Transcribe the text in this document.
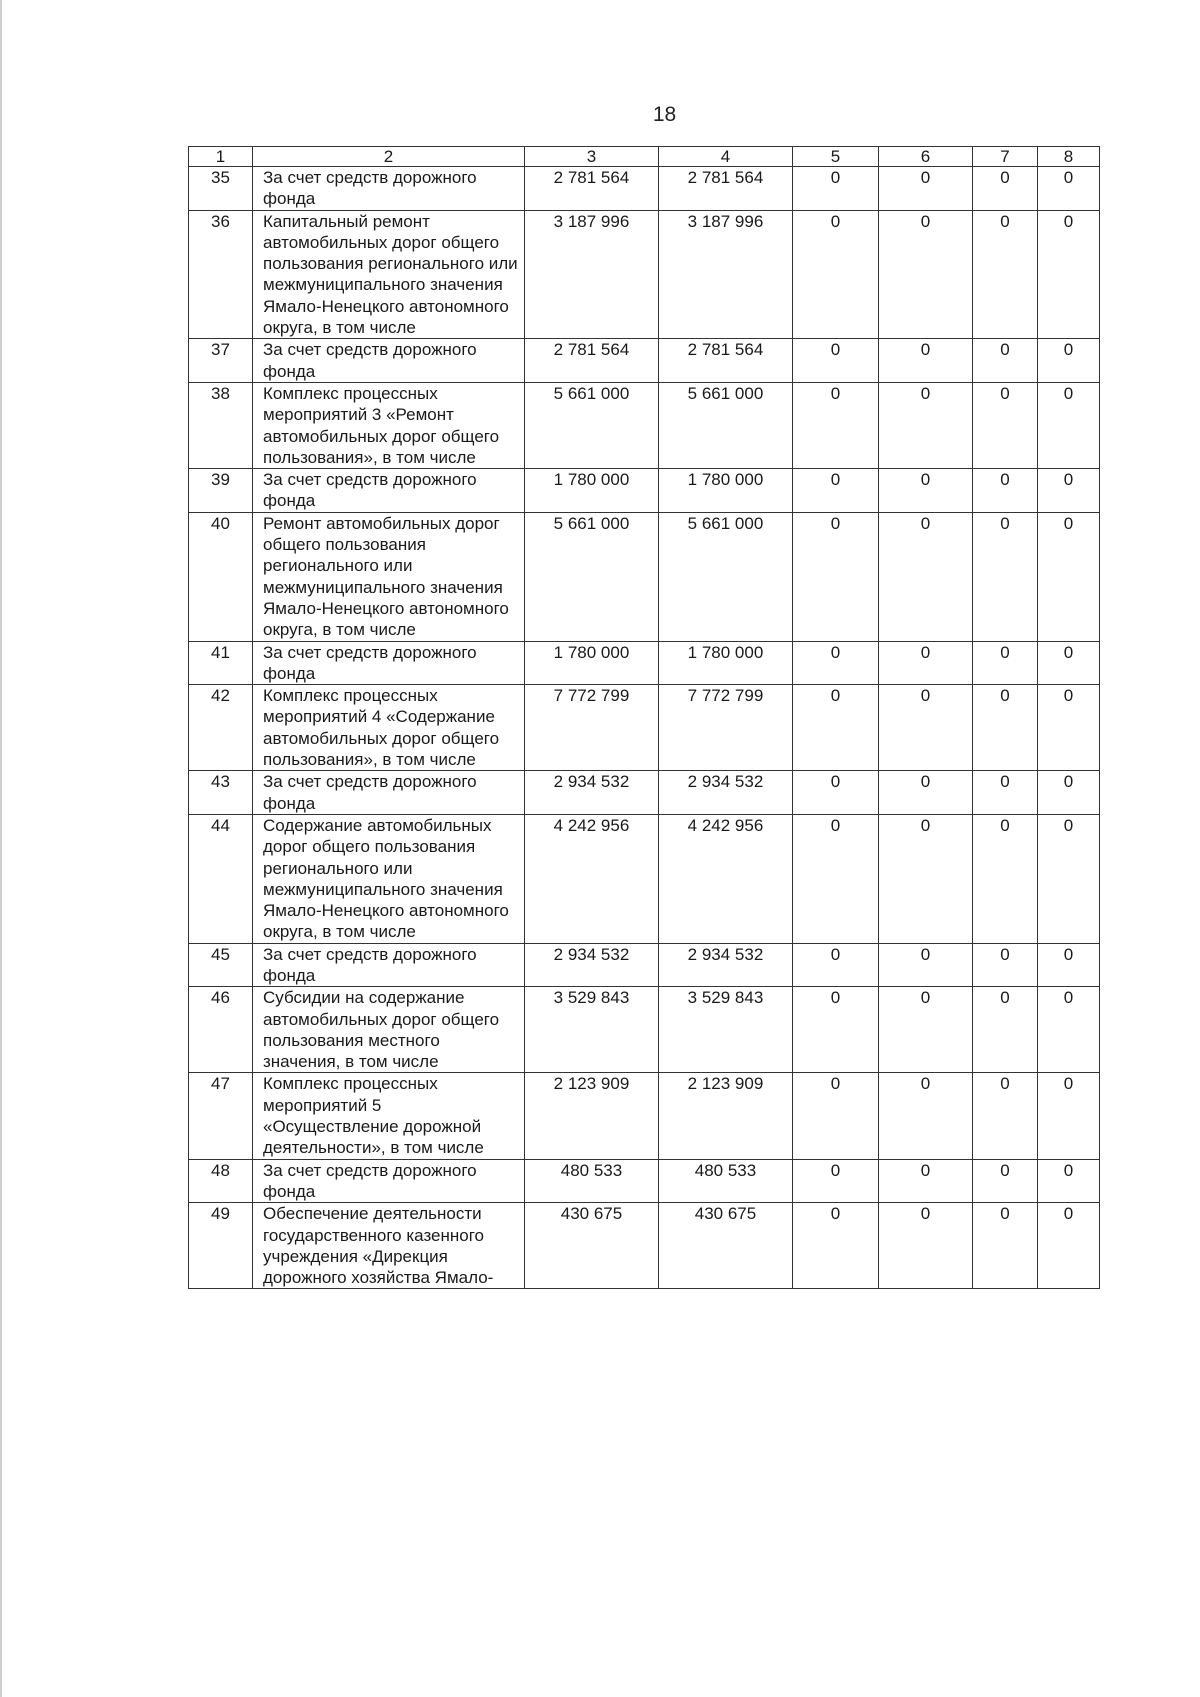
18
1	2	3	4	5	6	7	8
35	За счет средств дорожного фонда	2 781 564	2 781 564	0	0	0	0
36	Капитальный ремонт автомобильных дорог общего пользования регионального или межмуниципального значения Ямало-Ненецкого автономного округа, в том числе	3 187 996	3 187 996	0	0	0	0
37	За счет средств дорожного фонда	2 781 564	2 781 564	0	0	0	0
38	Комплекс процессных мероприятий 3 «Ремонт автомобильных дорог общего пользования», в том числе	5 661 000	5 661 000	0	0	0	0
39	За счет средств дорожного фонда	1 780 000	1 780 000	0	0	0	0
40	Ремонт автомобильных дорог общего пользования регионального или межмуниципального значения Ямало-Ненецкого автономного округа, в том числе	5 661 000	5 661 000	0	0	0	0
41	За счет средств дорожного фонда	1 780 000	1 780 000	0	0	0	0
42	Комплекс процессных мероприятий 4 «Содержание автомобильных дорог общего пользования», в том числе	7 772 799	7 772 799	0	0	0	0
43	За счет средств дорожного фонда	2 934 532	2 934 532	0	0	0	0
44	Содержание автомобильных дорог общего пользования регионального или межмуниципального значения Ямало-Ненецкого автономного округа, в том числе	4 242 956	4 242 956	0	0	0	0
45	За счет средств дорожного фонда	2 934 532	2 934 532	0	0	0	0
46	Субсидии на содержание автомобильных дорог общего пользования местного значения, в том числе	3 529 843	3 529 843	0	0	0	0
47	Комплекс процессных мероприятий 5 «Осуществление дорожной деятельности», в том числе	2 123 909	2 123 909	0	0	0	0
48	За счет средств дорожного фонда	480 533	480 533	0	0	0	0
49	Обеспечение деятельности государственного казенного учреждения «Дирекция дорожного хозяйства Ямало-	430 675	430 675	0	0	0	0
